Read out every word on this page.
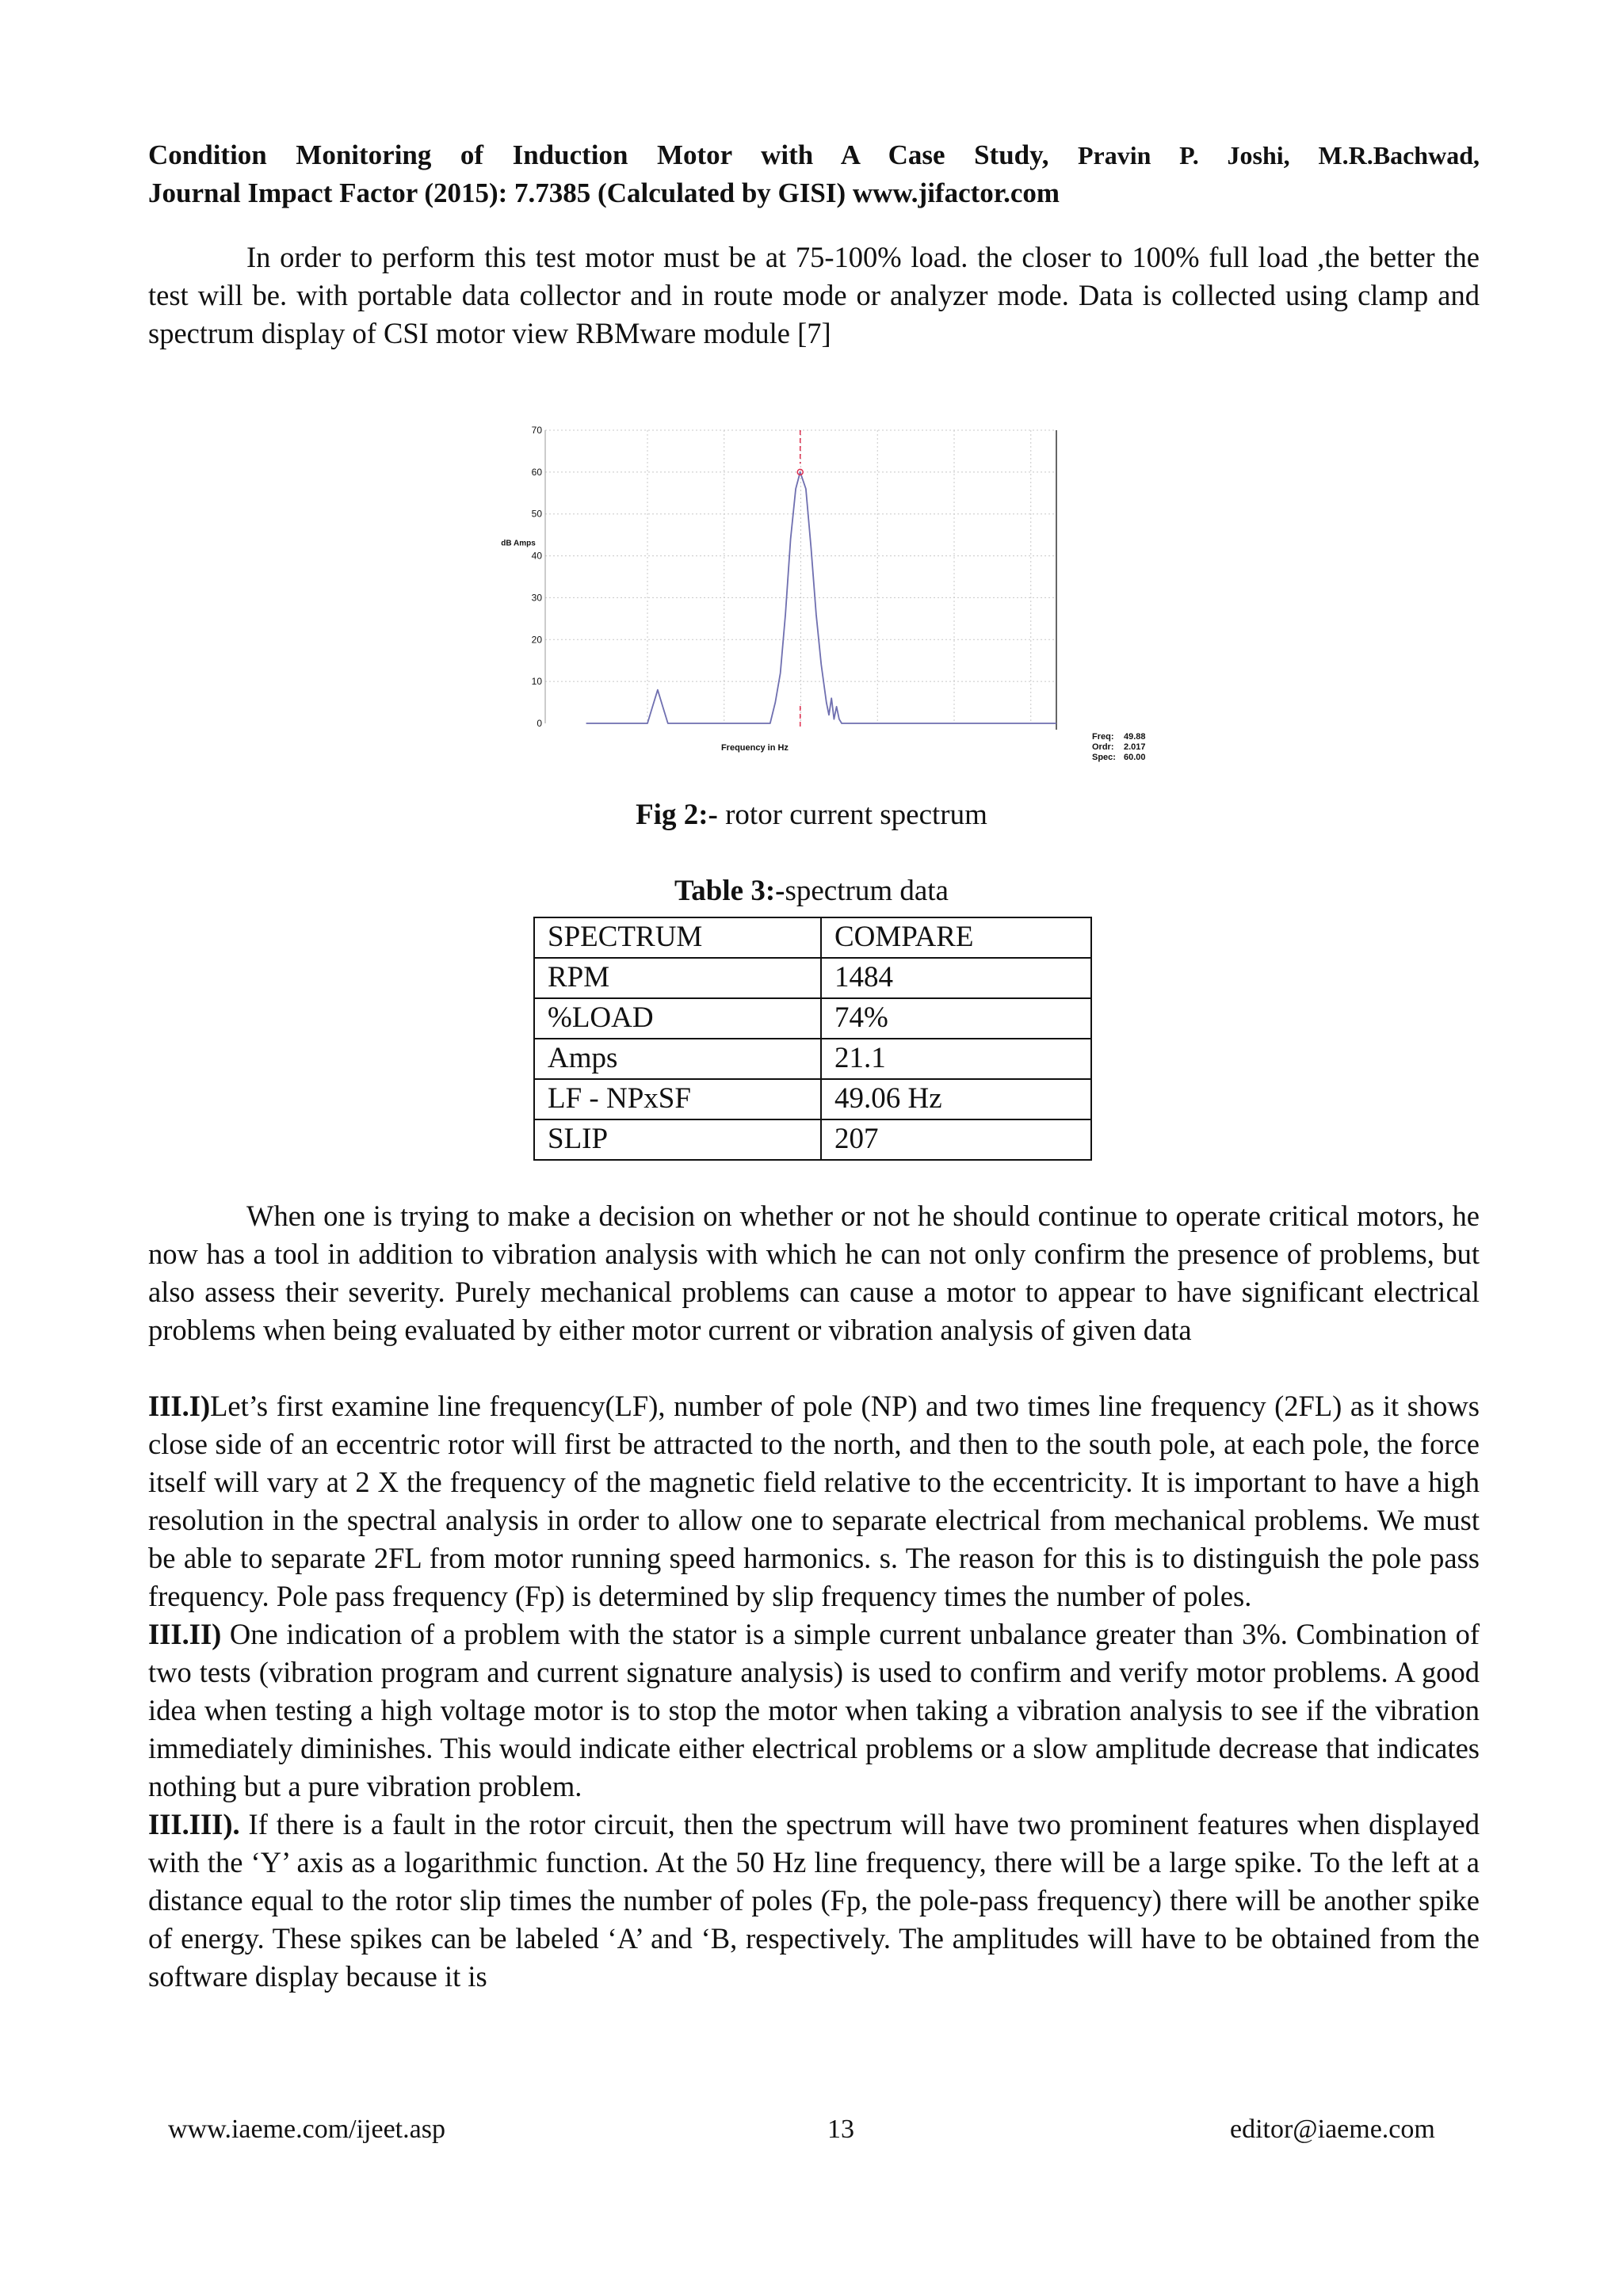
Condition Monitoring of Induction Motor with A Case Study, Pravin P. Joshi, M.R.Bachwad,
Journal Impact Factor (2015): 7.7385 (Calculated by GISI) www.jifactor.com
In order to perform this test motor must be at 75-100% load. the closer to 100% full load ,the better the test will be. with portable data collector and in route mode or analyzer mode. Data is collected using clamp and spectrum display of CSI motor view RBMware module [7]
70
60
50
40
30
20
10
0
dB Amps
Frequency in Hz
Freq: 49.88
Ordr: 2.017
Spec: 60.00
Fig 2:- rotor current spectrum
Table 3:-spectrum data
SPECTRUM	COMPARE
RPM	1484
%LOAD	74%
Amps	21.1
LF - NPxSF	49.06 Hz
SLIP	207
When one is trying to make a decision on whether or not he should continue to operate critical motors, he now has a tool in addition to vibration analysis with which he can not only confirm the presence of problems, but also assess their severity. Purely mechanical problems can cause a motor to appear to have significant electrical problems when being evaluated by either motor current or vibration analysis of given data
III.I)Let’s first examine line frequency(LF), number of pole (NP) and two times line frequency (2FL) as it shows close side of an eccentric rotor will first be attracted to the north, and then to the south pole, at each pole, the force itself will vary at 2 X the frequency of the magnetic field relative to the eccentricity. It is important to have a high resolution in the spectral analysis in order to allow one to separate electrical from mechanical problems. We must be able to separate 2FL from motor running speed harmonics. s. The reason for this is to distinguish the pole pass frequency. Pole pass frequency (Fp) is determined by slip frequency times the number of poles.
III.II) One indication of a problem with the stator is a simple current unbalance greater than 3%. Combination of two tests (vibration program and current signature analysis) is used to confirm and verify motor problems. A good idea when testing a high voltage motor is to stop the motor when taking a vibration analysis to see if the vibration immediately diminishes. This would indicate either electrical problems or a slow amplitude decrease that indicates nothing but a pure vibration problem.
III.III). If there is a fault in the rotor circuit, then the spectrum will have two prominent features when displayed with the ‘Y’ axis as a logarithmic function. At the 50 Hz line frequency, there will be a large spike. To the left at a distance equal to the rotor slip times the number of poles (Fp, the pole-pass frequency) there will be another spike of energy. These spikes can be labeled ‘A’ and ‘B, respectively. The amplitudes will have to be obtained from the software display because it is
www.iaeme.com/ijeet.asp	13	editor@iaeme.com
